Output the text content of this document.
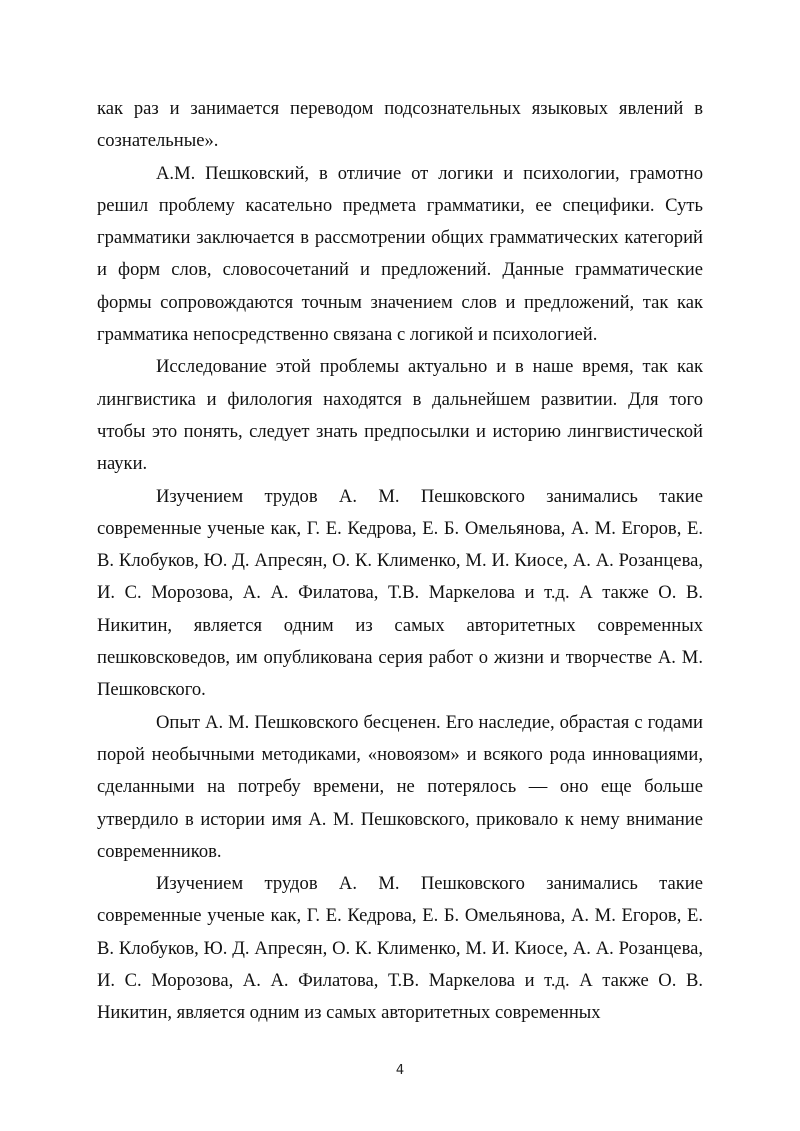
как раз и занимается переводом подсознательных языковых явлений в сознательные».

А.М. Пешковский, в отличие от логики и психологии, грамотно решил проблему касательно предмета грамматики, ее специфики. Суть грамматики заключается в рассмотрении общих грамматических категорий и форм слов, словосочетаний и предложений. Данные грамматические формы сопровождаются точным значением слов и предложений, так как грамматика непосредственно связана с логикой и психологией.

Исследование этой проблемы актуально и в наше время, так как лингвистика и филология находятся в дальнейшем развитии. Для того чтобы это понять, следует знать предпосылки и историю лингвистической науки.

Изучением трудов А. М. Пешковского занимались такие современные ученые как, Г. Е. Кедрова, Е. Б. Омельянова, А. М. Егоров, Е. В. Клобуков, Ю. Д. Апресян, О. К. Клименко, М. И. Киосе, А. А. Розанцева, И. С. Морозова, А. А. Филатова, Т.В. Маркелова и т.д. А также О. В. Никитин, является одним из самых авторитетных современных пешковсковедов, им опубликована серия работ о жизни и творчестве А. М. Пешковского.

Опыт А. М. Пешковского бесценен. Его наследие, обрастая с годами порой необычными методиками, «новоязом» и всякого рода инновациями, сделанными на потребу времени, не потерялось — оно еще больше утвердило в истории имя А. М. Пешковского, приковало к нему внимание современников.

Изучением трудов А. М. Пешковского занимались такие современные ученые как, Г. Е. Кедрова, Е. Б. Омельянова, А. М. Егоров, Е. В. Клобуков, Ю. Д. Апресян, О. К. Клименко, М. И. Киосе, А. А. Розанцева, И. С. Морозова, А. А. Филатова, Т.В. Маркелова и т.д. А также О. В. Никитин, является одним из самых авторитетных современных

4
